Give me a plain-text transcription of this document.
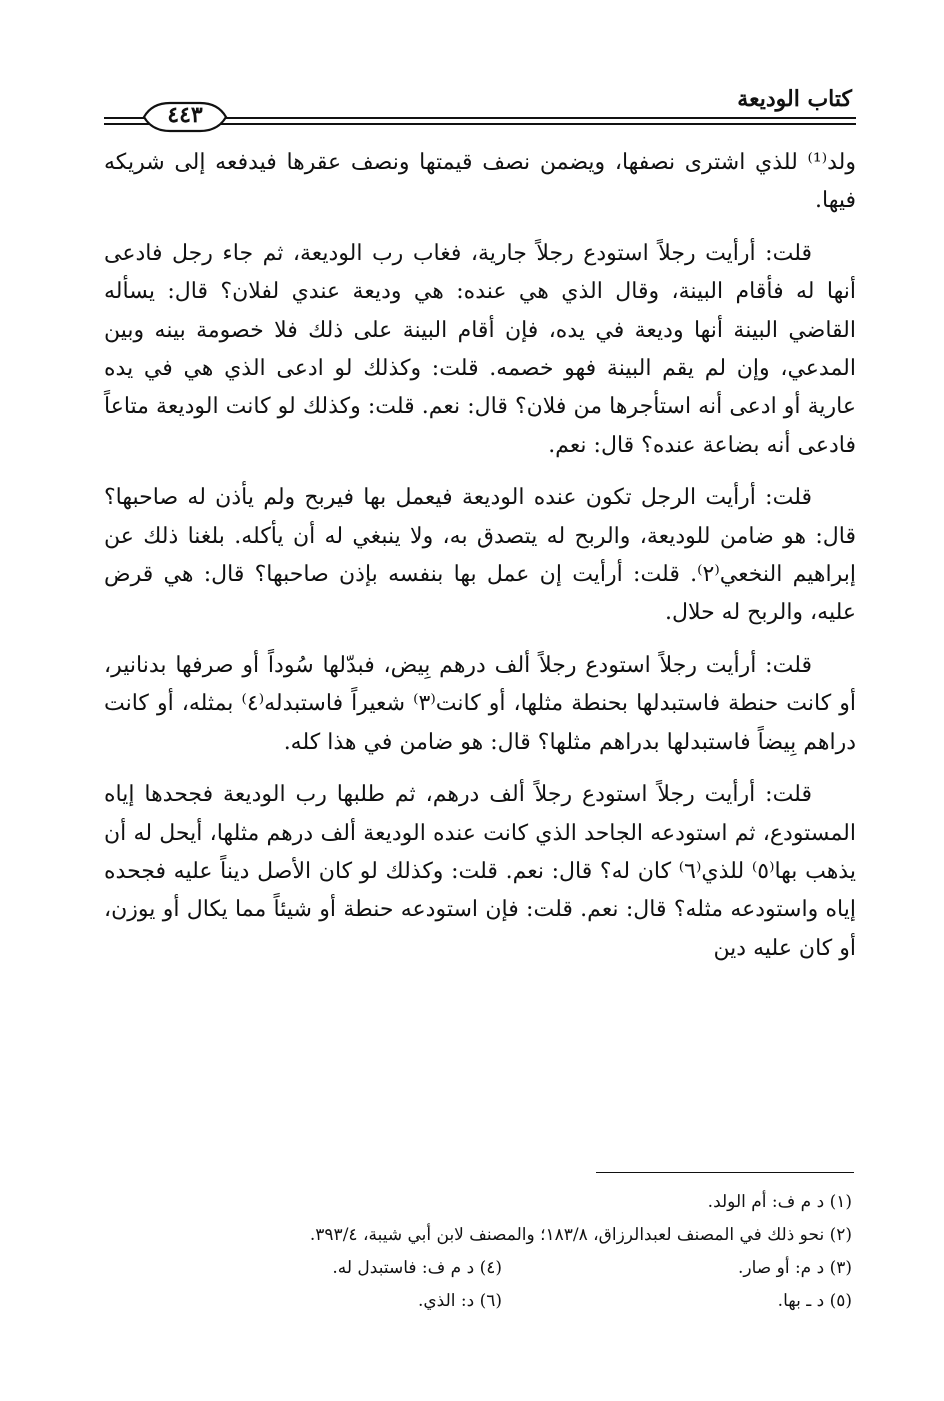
كتاب الوديعة
٤٤٣

ولد⁽¹⁾ للذي اشترى نصفها، ويضمن نصف قيمتها ونصف عقرها فيدفعه إلى شريكه فيها.

قلت: أرأيت رجلاً استودع رجلاً جارية، فغاب رب الوديعة، ثم جاء رجل فادعى أنها له فأقام البينة، وقال الذي هي عنده: هي وديعة عندي لفلان؟ قال: يسأله القاضي البينة أنها وديعة في يده، فإن أقام البينة على ذلك فلا خصومة بينه وبين المدعي، وإن لم يقم البينة فهو خصمه. قلت: وكذلك لو ادعى الذي هي في يده عارية أو ادعى أنه استأجرها من فلان؟ قال: نعم. قلت: وكذلك لو كانت الوديعة متاعاً فادعى أنه بضاعة عنده؟ قال: نعم.

قلت: أرأيت الرجل تكون عنده الوديعة فيعمل بها فيربح ولم يأذن له صاحبها؟ قال: هو ضامن للوديعة، والربح له يتصدق به، ولا ينبغي له أن يأكله. بلغنا ذلك عن إبراهيم النخعي⁽٢⁾. قلت: أرأيت إن عمل بها بنفسه بإذن صاحبها؟ قال: هي قرض عليه، والربح له حلال.

قلت: أرأيت رجلاً استودع رجلاً ألف درهم بِيض، فبدّلها سُوداً أو صرفها بدنانير، أو كانت حنطة فاستبدلها بحنطة مثلها، أو كانت⁽٣⁾ شعيراً فاستبدله⁽٤⁾ بمثله، أو كانت دراهم بِيضاً فاستبدلها بدراهم مثلها؟ قال: هو ضامن في هذا كله.

قلت: أرأيت رجلاً استودع رجلاً ألف درهم، ثم طلبها رب الوديعة فجحدها إياه المستودع، ثم استودعه الجاحد الذي كانت عنده الوديعة ألف درهم مثلها، أيحل له أن يذهب بها⁽٥⁾ للذي⁽٦⁾ كان له؟ قال: نعم. قلت: وكذلك لو كان الأصل ديناً عليه فجحده إياه واستودعه مثله؟ قال: نعم. قلت: فإن استودعه حنطة أو شيئاً مما يكال أو يوزن، أو كان عليه دين

(١) د م ف: أم الولد.
(٢) نحو ذلك في المصنف لعبدالرزاق، ١٨٣/٨؛ والمصنف لابن أبي شيبة، ٣٩٣/٤.
(٣) د م: أو صار.
(٤) د م ف: فاستبدل له.
(٥) د ـ بها.
(٦) د: الذي.
